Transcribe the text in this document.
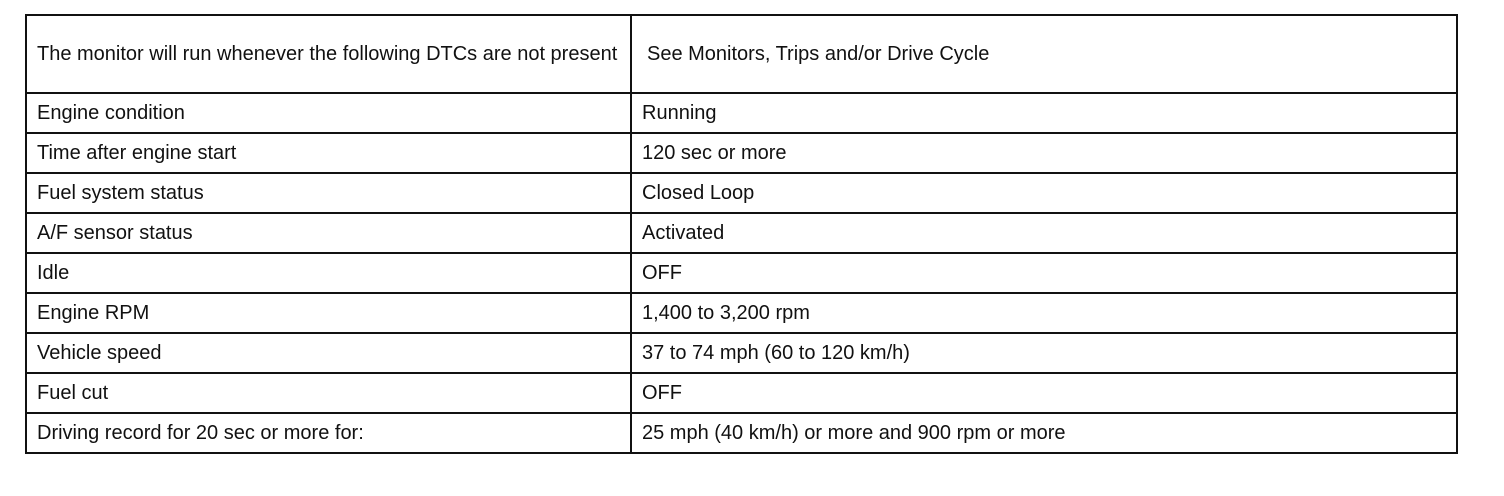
The monitor will run whenever the following DTCs are not present	See Monitors, Trips and/or Drive Cycle
Engine condition	Running
Time after engine start	120 sec or more
Fuel system status	Closed Loop
A/F sensor status	Activated
Idle	OFF
Engine RPM	1,400 to 3,200 rpm
Vehicle speed	37 to 74 mph (60 to 120 km/h)
Fuel cut	OFF
Driving record for 20 sec or more for:	25 mph (40 km/h) or more and 900 rpm or more
